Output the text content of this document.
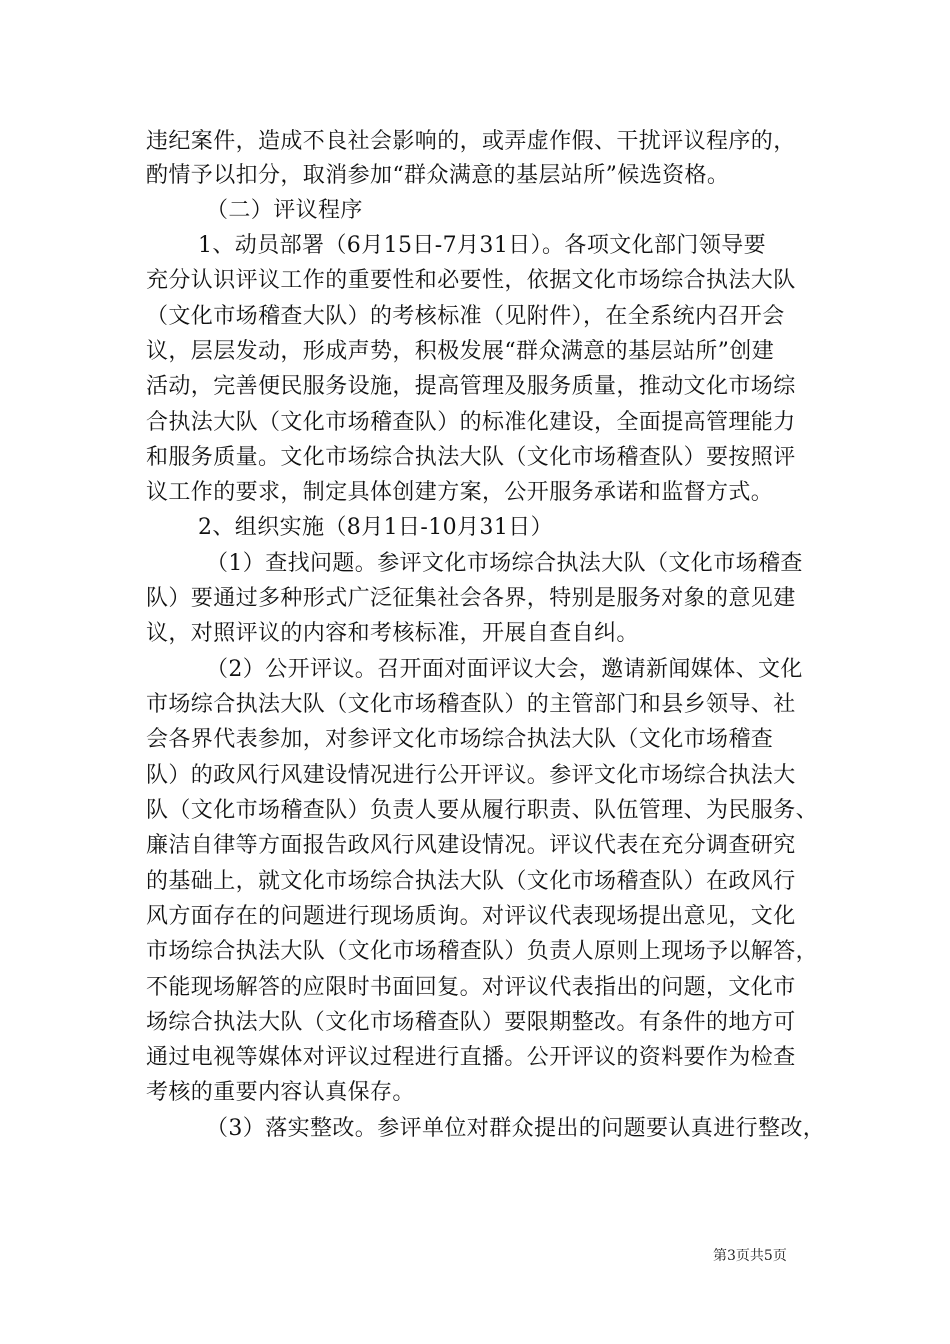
违纪案件，造成不良社会影响的，或弄虚作假、干扰评议程序的，
酌情予以扣分，取消参加“群众满意的基层站所”候选资格。
（二）评议程序
1、动员部署（6月15日-7月31日）。各项文化部门领导要
充分认识评议工作的重要性和必要性，依据文化市场综合执法大队
（文化市场稽查大队）的考核标准（见附件），在全系统内召开会
议，层层发动，形成声势，积极发展“群众满意的基层站所”创建
活动，完善便民服务设施，提高管理及服务质量，推动文化市场综
合执法大队（文化市场稽查队）的标准化建设，全面提高管理能力
和服务质量。文化市场综合执法大队（文化市场稽查队）要按照评
议工作的要求，制定具体创建方案，公开服务承诺和监督方式。
2、组织实施（8月1日-10月31日）
（1）查找问题。参评文化市场综合执法大队（文化市场稽查
队）要通过多种形式广泛征集社会各界，特别是服务对象的意见建
议，对照评议的内容和考核标准，开展自查自纠。
（2）公开评议。召开面对面评议大会，邀请新闻媒体、文化
市场综合执法大队（文化市场稽查队）的主管部门和县乡领导、社
会各界代表参加，对参评文化市场综合执法大队（文化市场稽查
队）的政风行风建设情况进行公开评议。参评文化市场综合执法大
队（文化市场稽查队）负责人要从履行职责、队伍管理、为民服务、
廉洁自律等方面报告政风行风建设情况。评议代表在充分调查研究
的基础上，就文化市场综合执法大队（文化市场稽查队）在政风行
风方面存在的问题进行现场质询。对评议代表现场提出意见，文化
市场综合执法大队（文化市场稽查队）负责人原则上现场予以解答，
不能现场解答的应限时书面回复。对评议代表指出的问题，文化市
场综合执法大队（文化市场稽查队）要限期整改。有条件的地方可
通过电视等媒体对评议过程进行直播。公开评议的资料要作为检查
考核的重要内容认真保存。
（3）落实整改。参评单位对群众提出的问题要认真进行整改，
第3页共5页
